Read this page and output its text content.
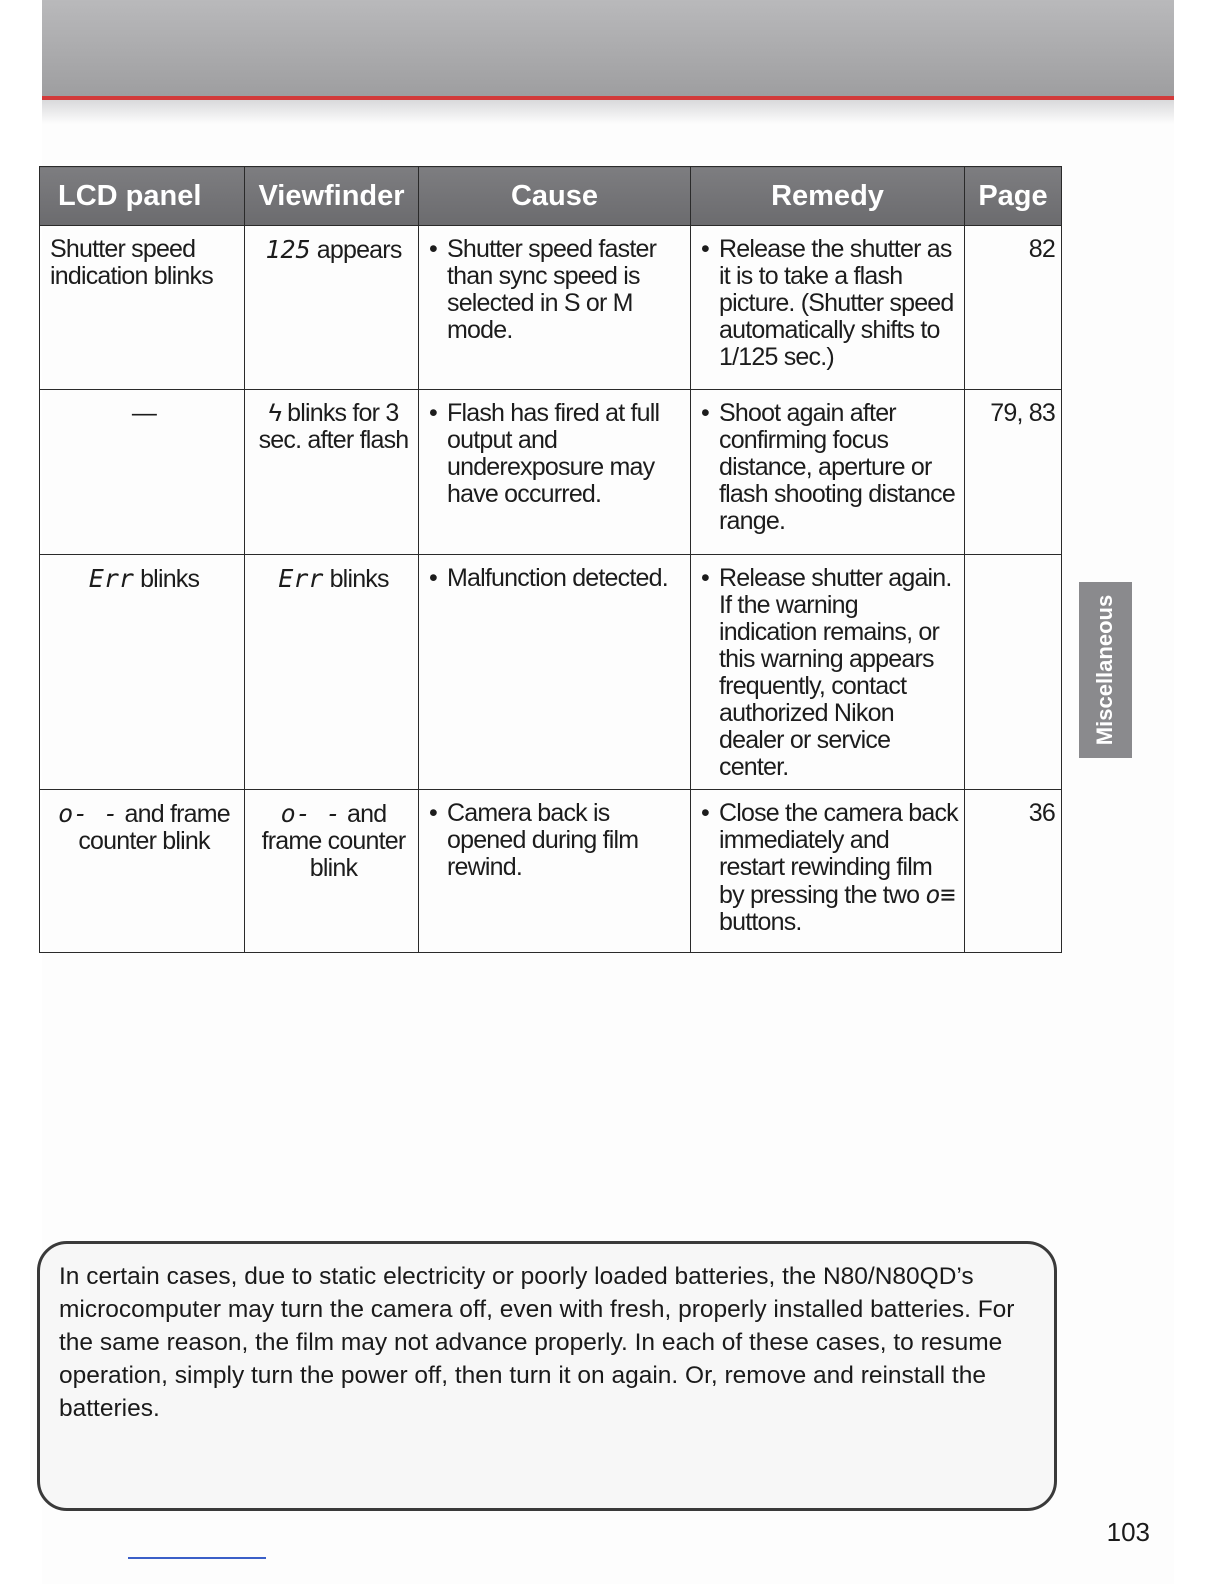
LCD panel	Viewfinder	Cause	Remedy	Page
Shutter speed indication blinks	125 appears	• Shutter speed faster than sync speed is selected in S or M mode.	• Release the shutter as it is to take a flash picture. (Shutter speed automatically shifts to 1/125 sec.)	82
—	ϟ blinks for 3 sec. after flash	• Flash has fired at full output and underexposure may have occurred.	• Shoot again after confirming focus distance, aperture or flash shooting distance range.	79, 83
Err blinks	Err blinks	• Malfunction detected.	• Release shutter again. If the warning indication remains, or this warning appears frequently, contact authorized Nikon dealer or service center.	

o- - and frame counter blink	o- - and frame counter blink	• Camera back is opened during film rewind.	• Close the camera back immediately and restart rewinding film by pressing the two o≡ buttons.	36
Miscellaneous

In certain cases, due to static electricity or poorly loaded batteries, the N80/N80QD’s microcomputer may turn the camera off, even with fresh, properly installed batteries. For the same reason, the film may not advance properly. In each of these cases, to resume operation, simply turn the power off, then turn it on again. Or, remove and reinstall the batteries.

103
